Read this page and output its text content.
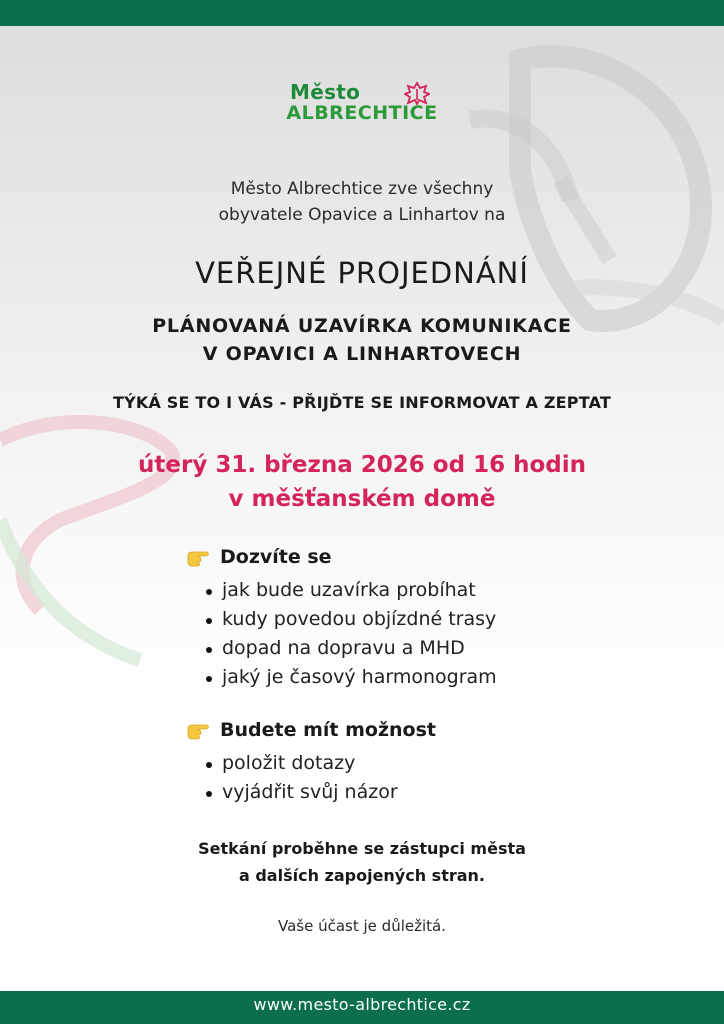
Město
ALBRECHTICE
Město Albrechtice zve všechny
obyvatele Opavice a Linhartov na
VEŘEJNÉ PROJEDNÁNÍ
PLÁNOVANÁ UZAVÍRKA KOMUNIKACE
V OPAVICI A LINHARTOVECH
TÝKÁ SE TO I VÁS - PŘIJĎTE SE INFORMOVAT A ZEPTAT
úterý 31. března 2026 od 16 hodin
v měšťanském domě
Dozvíte se
jak bude uzavírka probíhat
kudy povedou objízdné trasy
dopad na dopravu a MHD
jaký je časový harmonogram
Budete mít možnost
položit dotazy
vyjádřit svůj názor
Setkání proběhne se zástupci města
a dalších zapojených stran.
Vaše účast je důležitá.
www.mesto-albrechtice.cz
